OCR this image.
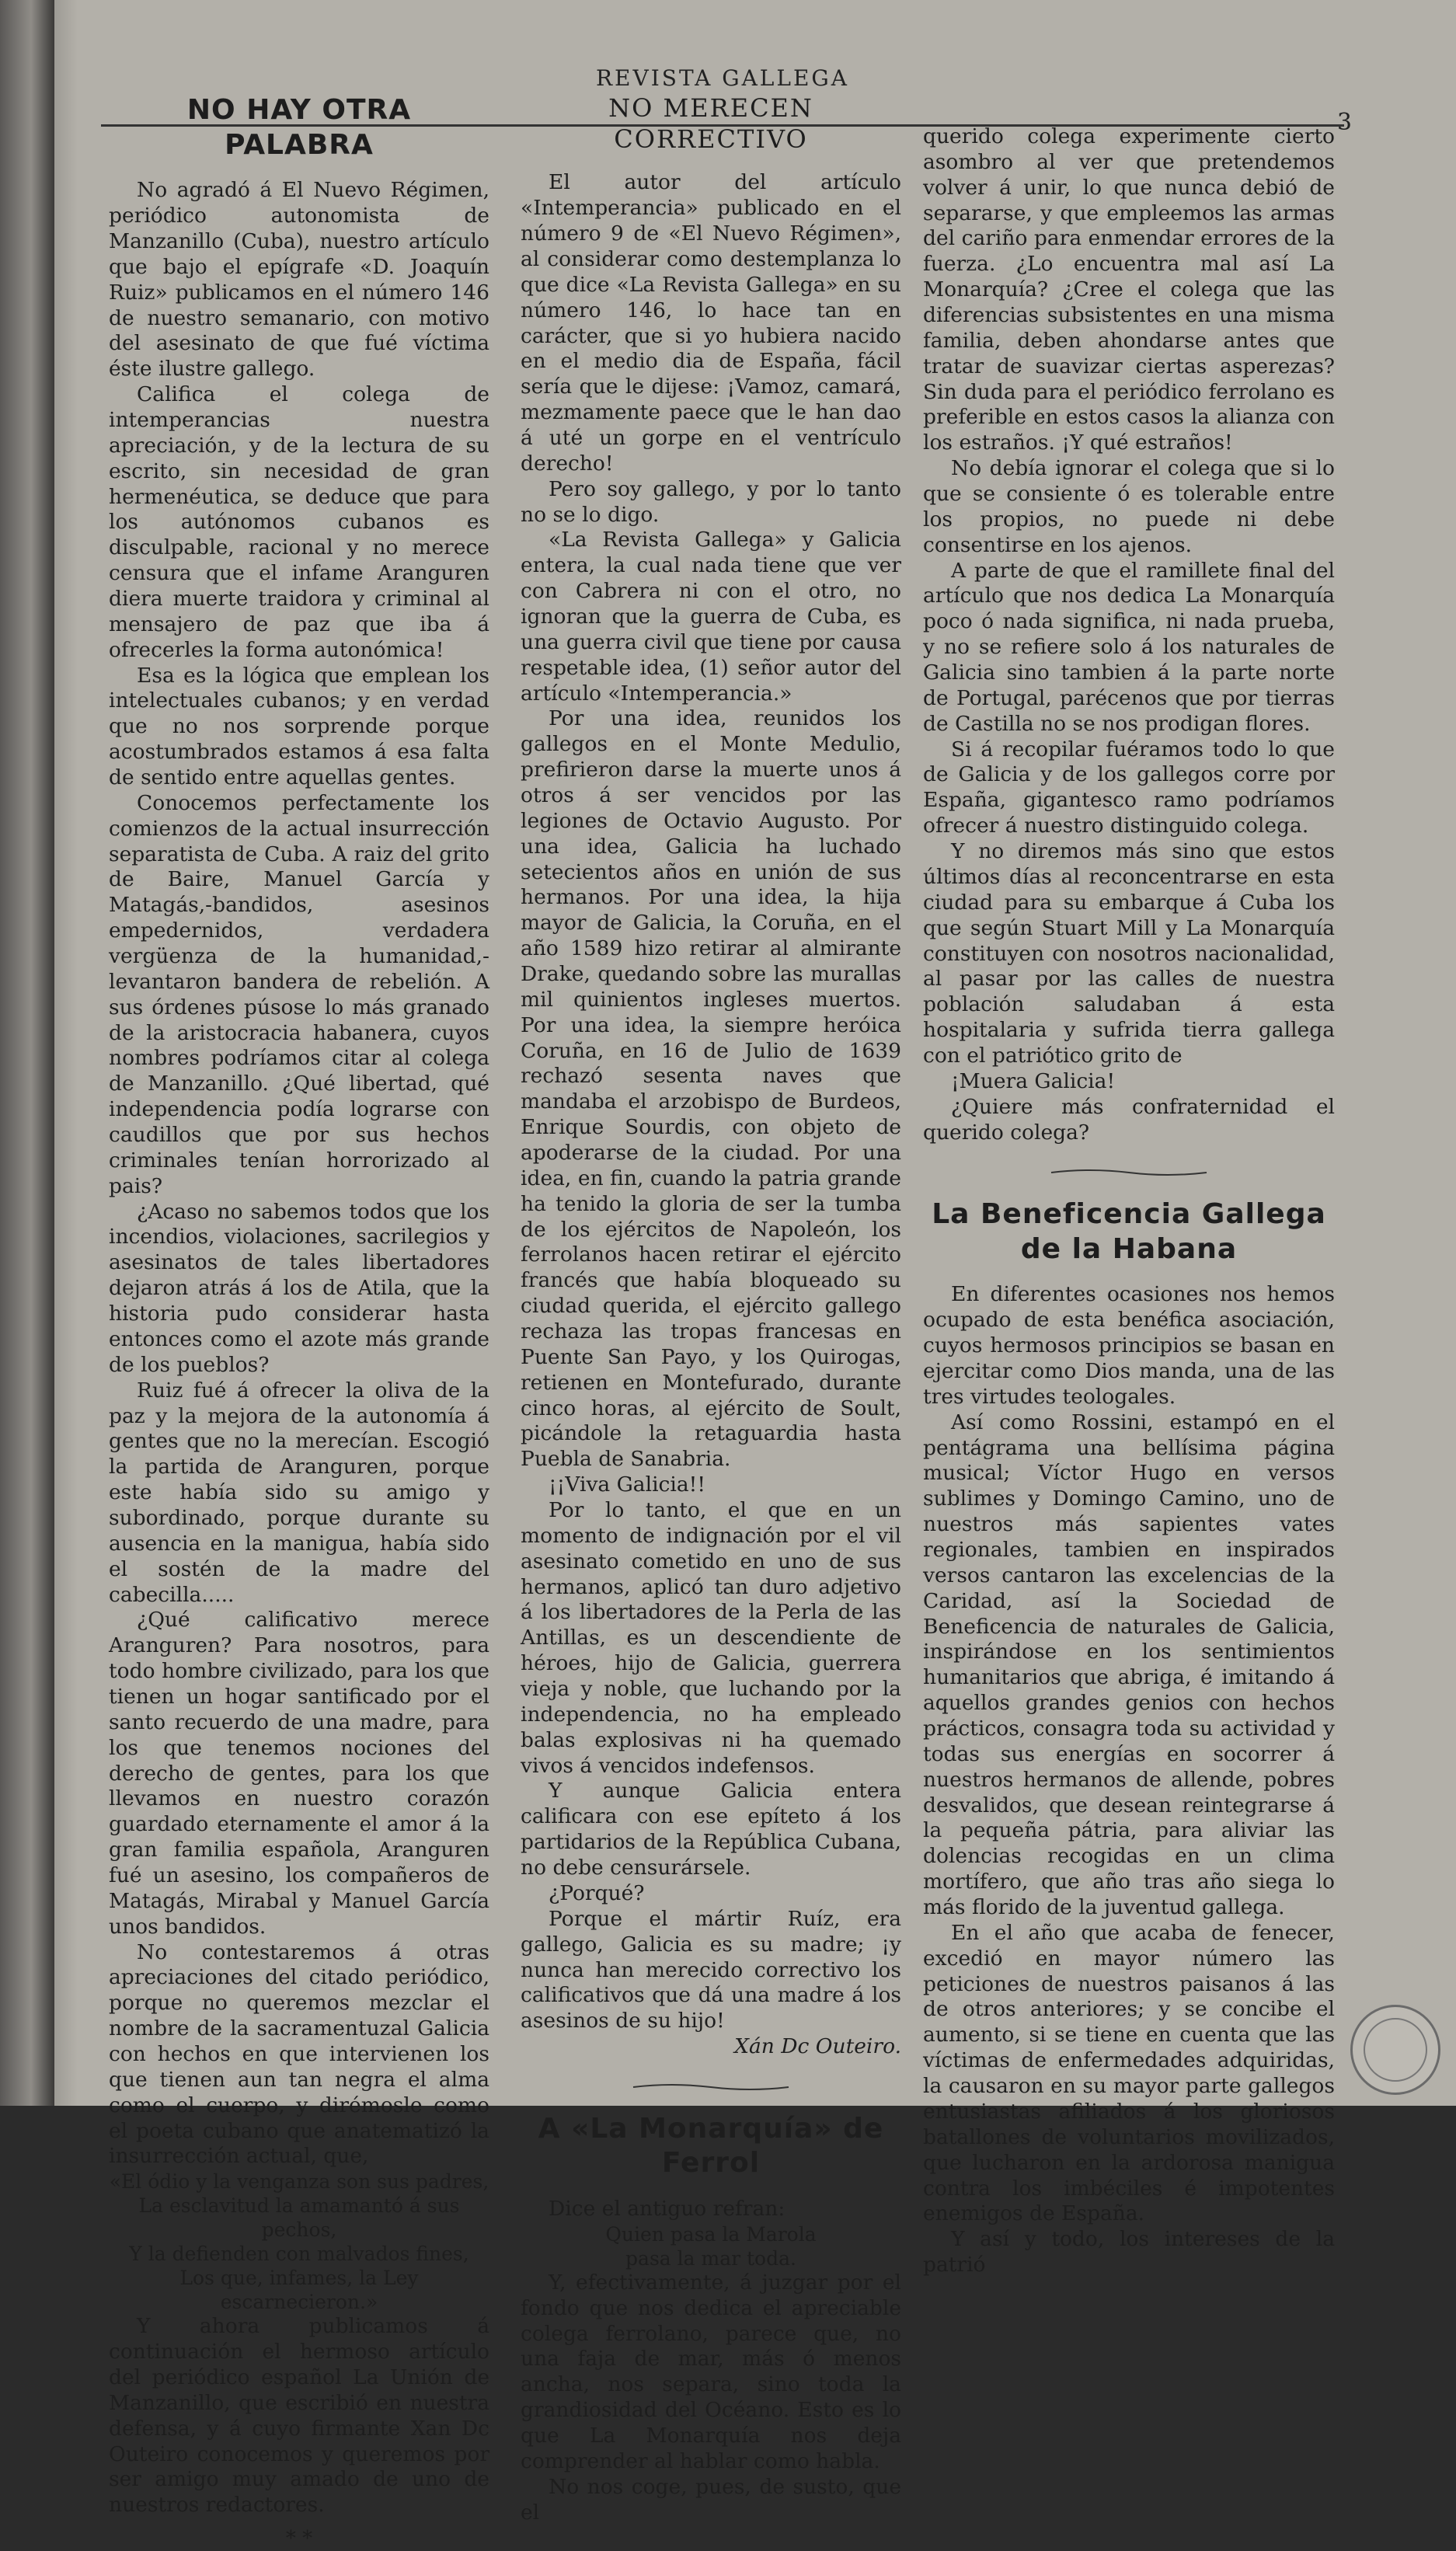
REVISTA GALLEGA
3
NO HAY OTRA PALABRA

No agradó á El Nuevo Régimen, periódico autonomista de Manzanillo (Cuba), nuestro artículo que bajo el epígrafe «D. Joaquín Ruiz» publicamos en el número 146 de nuestro semanario, con motivo del asesinato de que fué víctima éste ilustre gallego.

Califica el colega de intemperancias nuestra apreciación, y de la lectura de su escrito, sin necesidad de gran hermenéutica, se deduce que para los autónomos cubanos es disculpable, racional y no merece censura que el infame Aranguren diera muerte traidora y criminal al mensajero de paz que iba á ofrecerles la forma autonómica!

Esa es la lógica que emplean los intelectuales cubanos; y en verdad que no nos sorprende porque acostumbrados estamos á esa falta de sentido entre aquellas gentes.

Conocemos perfectamente los comienzos de la actual insurrección separatista de Cuba. A raiz del grito de Baire, Manuel García y Matagás,-bandidos, asesinos empedernidos, verdadera vergüenza de la humanidad,-levantaron bandera de rebelión. A sus órdenes púsose lo más granado de la aristocracia habanera, cuyos nombres podríamos citar al colega de Manzanillo. ¿Qué libertad, qué independencia podía lograrse con caudillos que por sus hechos criminales tenían horrorizado al pais?

¿Acaso no sabemos todos que los incendios, violaciones, sacrilegios y asesinatos de tales libertadores dejaron atrás á los de Atila, que la historia pudo considerar hasta entonces como el azote más grande de los pueblos?

Ruiz fué á ofrecer la oliva de la paz y la mejora de la autonomía á gentes que no la merecían. Escogió la partida de Aranguren, porque este había sido su amigo y subordinado, porque durante su ausencia en la manigua, había sido el sostén de la madre del cabecilla.....

¿Qué calificativo merece Aranguren? Para nosotros, para todo hombre civilizado, para los que tienen un hogar santificado por el santo recuerdo de una madre, para los que tenemos nociones del derecho de gentes, para los que llevamos en nuestro corazón guardado eternamente el amor á la gran familia española, Aranguren fué un asesino, los compañeros de Matagás, Mirabal y Manuel García unos bandidos.

No contestaremos á otras apreciaciones del citado periódico, porque no queremos mezclar el nombre de la sacramentuzal Galicia con hechos en que intervienen los que tienen aun tan negra el alma como el cuerpo, y dirémosle como el poeta cubano que anatematizó la insurrección actual, que,

«El ódio y la venganza son sus padres,
La esclavitud la amamantó á sus pechos,
Y la defienden con malvados fines,
Los que, infames, la Ley escarnecieron.»

Y ahora publicamos á continuación el hermoso artículo del periódico español La Unión de Manzanillo, que escribió en nuestra defensa, y á cuyo firmante Xan Dc Outeiro conocemos y queremos por ser amigo muy amado de uno de nuestros redactores.

* *
NO MERECEN CORRECTIVO

El autor del artículo «Intemperancia» publicado en el número 9 de «El Nuevo Régimen», al considerar como destemplanza lo que dice «La Revista Gallega» en su número 146, lo hace tan en carácter, que si yo hubiera nacido en el medio dia de España, fácil sería que le dijese: ¡Vamoz, camará, mezmamente paece que le han dao á uté un gorpe en el ventrículo derecho!

Pero soy gallego, y por lo tanto no se lo digo.

«La Revista Gallega» y Galicia entera, la cual nada tiene que ver con Cabrera ni con el otro, no ignoran que la guerra de Cuba, es una guerra civil que tiene por causa respetable idea, (1) señor autor del artículo «Intemperancia.»

Por una idea, reunidos los gallegos en el Monte Medulio, prefirieron darse la muerte unos á otros á ser vencidos por las legiones de Octavio Augusto. Por una idea, Galicia ha luchado setecientos años en unión de sus hermanos. Por una idea, la hija mayor de Galicia, la Coruña, en el año 1589 hizo retirar al almirante Drake, quedando sobre las murallas mil quinientos ingleses muertos. Por una idea, la siempre heróica Coruña, en 16 de Julio de 1639 rechazó sesenta naves que mandaba el arzobispo de Burdeos, Enrique Sourdis, con objeto de apoderarse de la ciudad. Por una idea, en fin, cuando la patria grande ha tenido la gloria de ser la tumba de los ejércitos de Napoleón, los ferrolanos hacen retirar el ejército francés que había bloqueado su ciudad querida, el ejército gallego rechaza las tropas francesas en Puente San Payo, y los Quirogas, retienen en Montefurado, durante cinco horas, al ejército de Soult, picándole la retaguardia hasta Puebla de Sanabria.

¡¡Viva Galicia!!

Por lo tanto, el que en un momento de indignación por el vil asesinato cometido en uno de sus hermanos, aplicó tan duro adjetivo á los libertadores de la Perla de las Antillas, es un descendiente de héroes, hijo de Galicia, guerrera vieja y noble, que luchando por la independencia, no ha empleado balas explosivas ni ha quemado vivos á vencidos indefensos.

Y aunque Galicia entera calificara con ese epíteto á los partidarios de la República Cubana, no debe censurársele.

¿Porqué?

Porque el mártir Ruíz, era gallego, Galicia es su madre; ¡y nunca han merecido correctivo los calificativos que dá una madre á los asesinos de su hijo!

Xán Dc Outeiro.
A «La Monarquía» de Ferrol

Dice el antiguo refran:

Quien pasa la Marola
pasa la mar toda.

Y, efectivamente, á juzgar por el fondo que nos dedica el apreciable colega ferrolano, parece que, no una faja de mar, más ó menos ancha, nos separa, sino toda la grandiosidad del Océano. Esto es lo que La Monarquía nos deja comprender al hablar como habla.

No nos coge, pues, de susto, que el

querido colega experimente cierto asombro al ver que pretendemos volver á unir, lo que nunca debió de separarse, y que empleemos las armas del cariño para enmendar errores de la fuerza. ¿Lo encuentra mal así La Monarquía? ¿Cree el colega que las diferencias subsistentes en una misma familia, deben ahondarse antes que tratar de suavizar ciertas asperezas? Sin duda para el periódico ferrolano es preferible en estos casos la alianza con los estraños. ¡Y qué estraños!

No debía ignorar el colega que si lo que se consiente ó es tolerable entre los propios, no puede ni debe consentirse en los ajenos.

A parte de que el ramillete final del artículo que nos dedica La Monarquía poco ó nada significa, ni nada prueba, y no se refiere solo á los naturales de Galicia sino tambien á la parte norte de Portugal, parécenos que por tierras de Castilla no se nos prodigan flores.

Si á recopilar fuéramos todo lo que de Galicia y de los gallegos corre por España, gigantesco ramo podríamos ofrecer á nuestro distinguido colega.

Y no diremos más sino que estos últimos días al reconcentrarse en esta ciudad para su embarque á Cuba los que según Stuart Mill y La Monarquía constituyen con nosotros nacionalidad, al pasar por las calles de nuestra población saludaban á esta hospitalaria y sufrida tierra gallega con el patriótico grito de

¡Muera Galicia!

¿Quiere más confraternidad el querido colega?

La Beneficencia Gallega de la Habana

En diferentes ocasiones nos hemos ocupado de esta benéfica asociación, cuyos hermosos principios se basan en ejercitar como Dios manda, una de las tres virtudes teologales.

Así como Rossini, estampó en el pentágrama una bellísima página musical; Víctor Hugo en versos sublimes y Domingo Camino, uno de nuestros más sapientes vates regionales, tambien en inspirados versos cantaron las excelencias de la Caridad, así la Sociedad de Beneficencia de naturales de Galicia, inspirándose en los sentimientos humanitarios que abriga, é imitando á aquellos grandes genios con hechos prácticos, consagra toda su actividad y todas sus energías en socorrer á nuestros hermanos de allende, pobres desvalidos, que desean reintegrarse á la pequeña pátria, para aliviar las dolencias recogidas en un clima mortífero, que año tras año siega lo más florido de la juventud gallega.

En el año que acaba de fenecer, excedió en mayor número las peticiones de nuestros paisanos á las de otros anteriores; y se concibe el aumento, si se tiene en cuenta que las víctimas de enfermedades adquiridas, la causaron en su mayor parte gallegos entusiastas afiliados á los gloriosos batallones de voluntarios movilizados, que lucharon en la ardorosa manigua contra los imbéciles é impotentes enemigos de España.

Y así y todo, los intereses de la patrió
